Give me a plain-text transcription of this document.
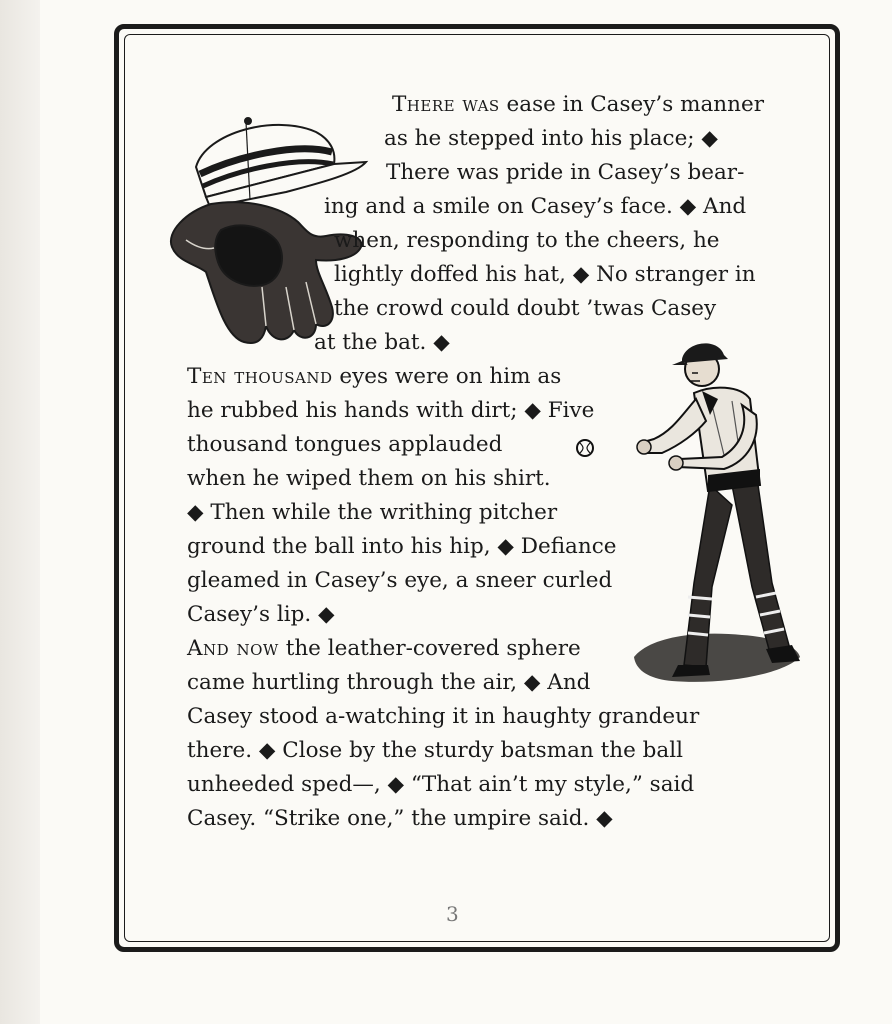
There was ease in Casey’s manner
as he stepped into his place; ◆
There was pride in Casey’s bear-
ing and a smile on Casey’s face. ◆ And
when, responding to the cheers, he
lightly doffed his hat, ◆ No stranger in
the crowd could doubt ’twas Casey
at the bat. ◆
Ten thousand eyes were on him as
he rubbed his hands with dirt; ◆ Five
thousand tongues applauded
when he wiped them on his shirt.
◆ Then while the writhing pitcher
ground the ball into his hip, ◆ Defiance
gleamed in Casey’s eye, a sneer curled
Casey’s lip. ◆
And now the leather-covered sphere
came hurtling through the air, ◆ And
Casey stood a-watching it in haughty grandeur
there. ◆ Close by the sturdy batsman the ball
unheeded sped—, ◆ “That ain’t my style,” said
Casey. “Strike one,” the umpire said. ◆
3
